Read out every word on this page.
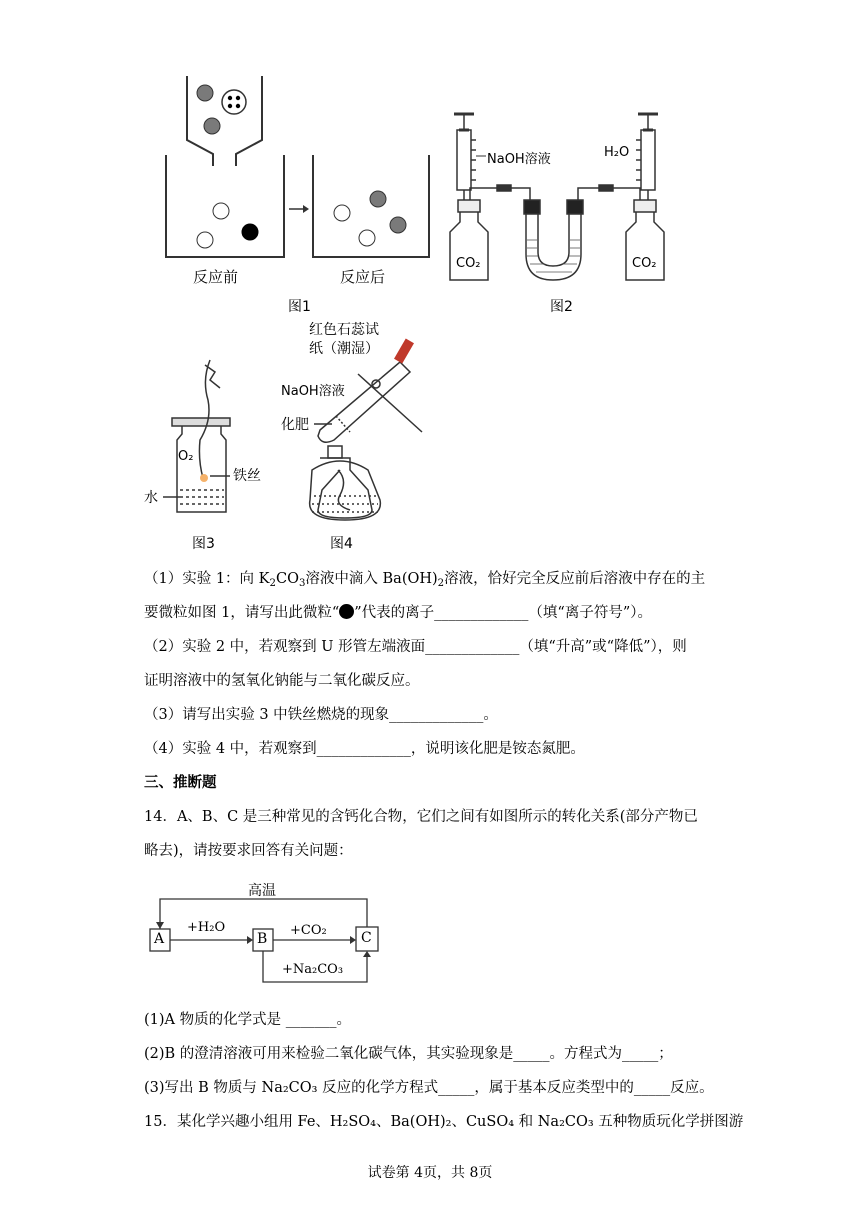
反应前	反应后
图1
NaOH溶液	H₂O
CO₂	CO₂
图2
O₂
铁丝
水
图3
红色石蕊试
纸（潮湿）
NaOH溶液
化肥
图4
（1）实验 1：向 $K_2CO_3$溶液中滴入 $Ba(OH)_2$溶液，恰好完全反应前后溶液中存在的主
要微粒如图 1，请写出此微粒“ ”代表的离子_____________（填“离子符号”）。
（2）实验 2 中，若观察到 U 形管左端液面_____________（填“升高”或“降低”），则
证明溶液中的氢氧化钠能与二氧化碳反应。
（3）请写出实验 3 中铁丝燃烧的现象_____________。
（4）实验 4 中，若观察到_____________，说明该化肥是铵态氮肥。
三、推断题
14．A、B、C 是三种常见的含钙化合物，它们之间有如图所示的转化关系(部分产物已
略去)，请按要求回答有关问题：
高温
A	B	C
+H₂O	+CO₂
+Na₂CO₃
(1)A 物质的化学式是 _______。
(2)B 的澄清溶液可用来检验二氧化碳气体，其实验现象是_____。方程式为_____；
(3)写出 B 物质与 Na₂CO₃ 反应的化学方程式_____，属于基本反应类型中的_____反应。
15．某化学兴趣小组用 Fe、H₂SO₄、Ba(OH)₂、CuSO₄ 和 Na₂CO₃ 五种物质玩化学拼图游
试卷第 4页，共 8页
